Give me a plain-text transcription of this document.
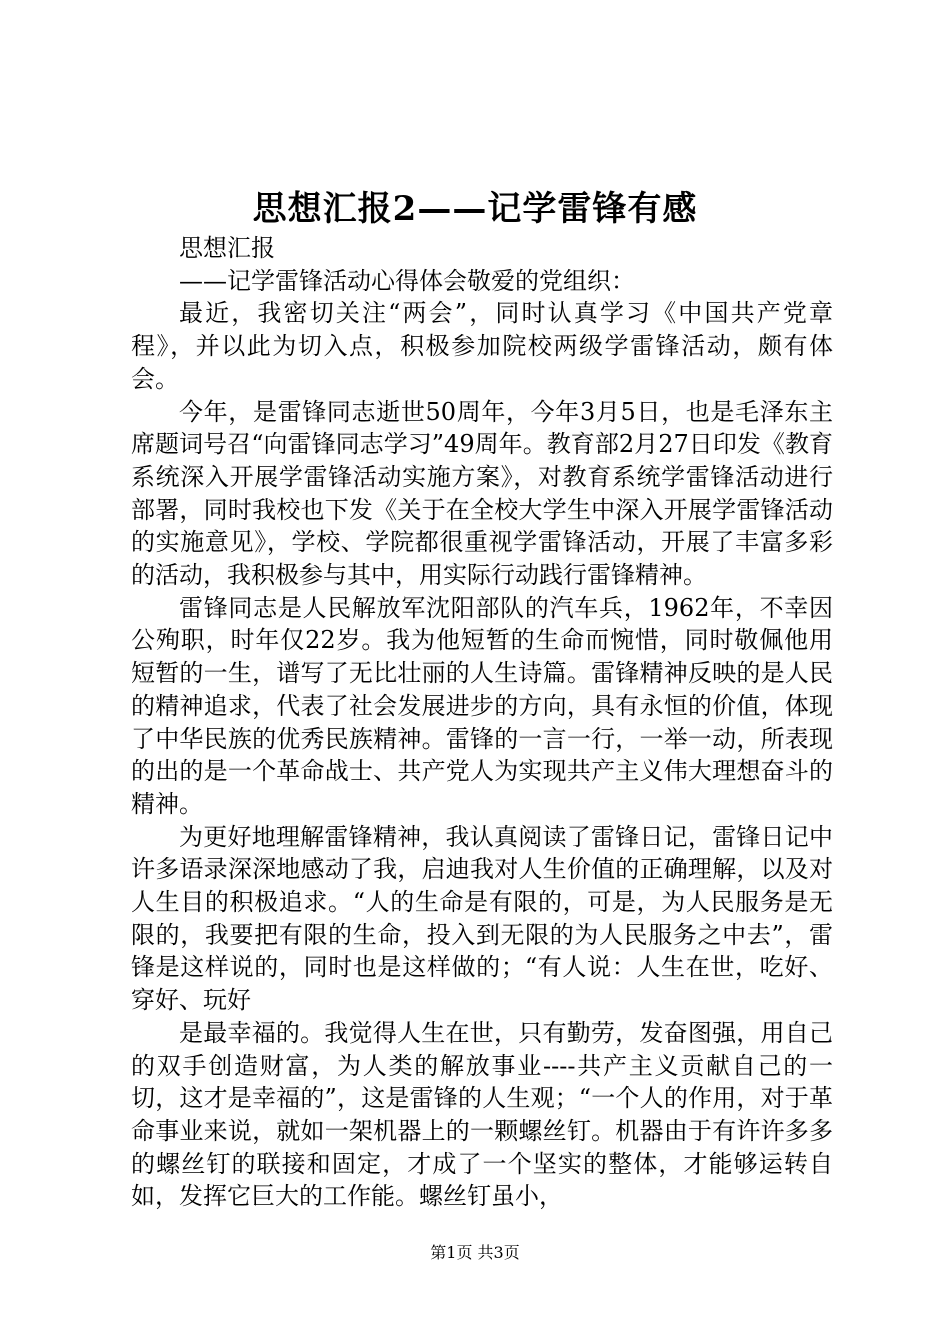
思想汇报2——记学雷锋有感

思想汇报

——记学雷锋活动心得体会敬爱的党组织：

最近，我密切关注“两会”，同时认真学习《中国共产党章程》，并以此为切入点，积极参加院校两级学雷锋活动，颇有体会。

今年，是雷锋同志逝世50周年，今年3月5日，也是毛泽东主席题词号召“向雷锋同志学习”49周年。教育部2月27日印发《教育系统深入开展学雷锋活动实施方案》，对教育系统学雷锋活动进行部署，同时我校也下发《关于在全校大学生中深入开展学雷锋活动的实施意见》，学校、学院都很重视学雷锋活动，开展了丰富多彩的活动，我积极参与其中，用实际行动践行雷锋精神。

雷锋同志是人民解放军沈阳部队的汽车兵，1962年，不幸因公殉职，时年仅22岁。我为他短暂的生命而惋惜，同时敬佩他用短暂的一生，谱写了无比壮丽的人生诗篇。雷锋精神反映的是人民的精神追求，代表了社会发展进步的方向，具有永恒的价值，体现了中华民族的优秀民族精神。雷锋的一言一行，一举一动，所表现的出的是一个革命战士、共产党人为实现共产主义伟大理想奋斗的精神。

为更好地理解雷锋精神，我认真阅读了雷锋日记，雷锋日记中许多语录深深地感动了我，启迪我对人生价值的正确理解，以及对人生目的积极追求。“人的生命是有限的，可是，为人民服务是无限的，我要把有限的生命，投入到无限的为人民服务之中去”，雷锋是这样说的，同时也是这样做的；“有人说：人生在世，吃好、穿好、玩好

是最幸福的。我觉得人生在世，只有勤劳，发奋图强，用自己的双手创造财富，为人类的解放事业----共产主义贡献自己的一切，这才是幸福的”，这是雷锋的人生观；“一个人的作用，对于革命事业来说，就如一架机器上的一颗螺丝钉。机器由于有许许多多的螺丝钉的联接和固定，才成了一个坚实的整体，才能够运转自如，发挥它巨大的工作能。螺丝钉虽小，

第1页 共3页
